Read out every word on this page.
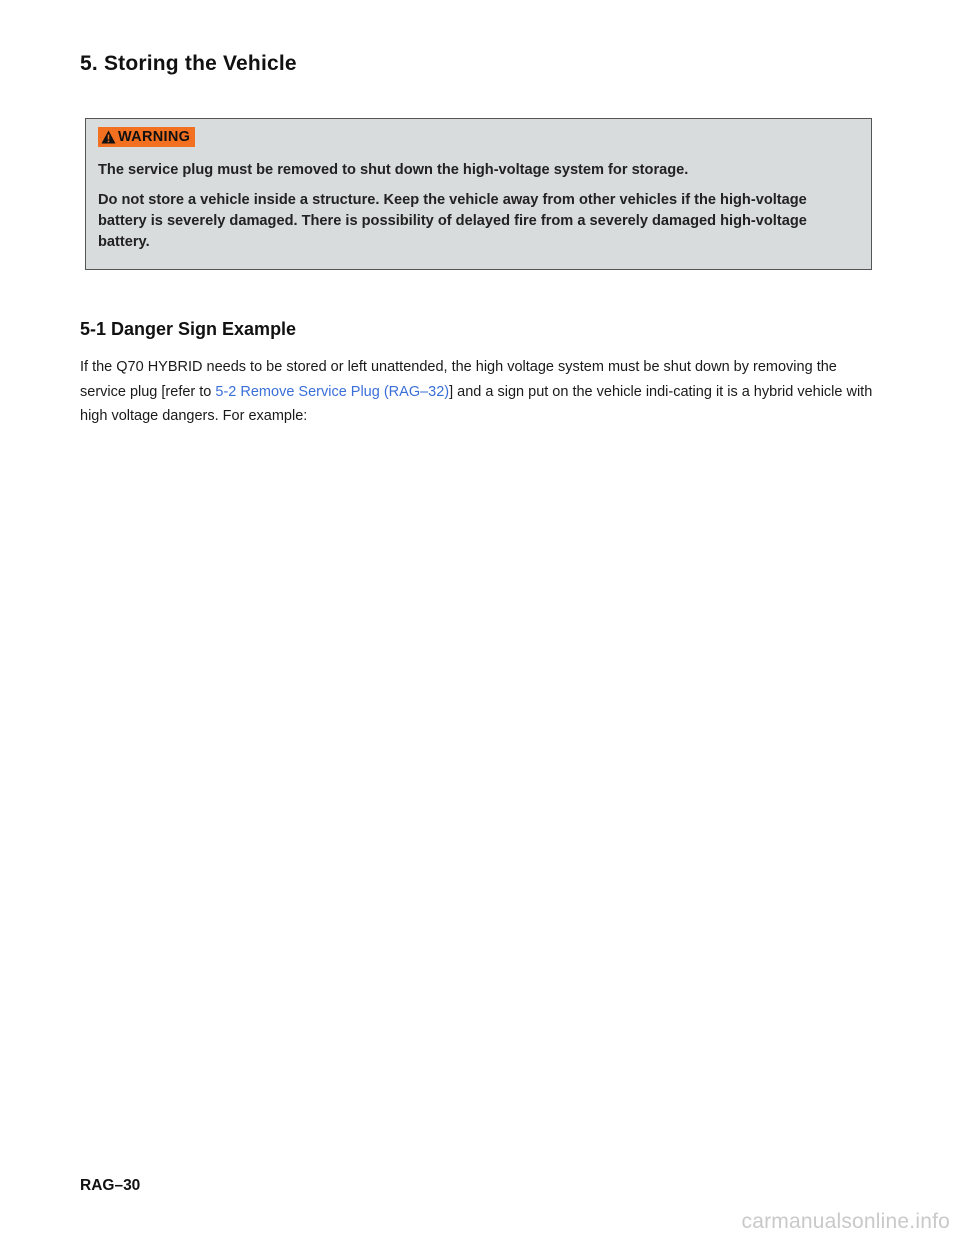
5. Storing the Vehicle
WARNING

The service plug must be removed to shut down the high-voltage system for storage.

Do not store a vehicle inside a structure. Keep the vehicle away from other vehicles if the high-voltage battery is severely damaged. There is possibility of delayed fire from a severely damaged high-voltage battery.

5-1 Danger Sign Example

If the Q70 HYBRID needs to be stored or left unattended, the high voltage system must be shut down by removing the service plug [refer to 5-2 Remove Service Plug (RAG–32)] and a sign put on the vehicle indi-cating it is a hybrid vehicle with high voltage dangers. For example:

RAG–30

carmanualsonline.info
